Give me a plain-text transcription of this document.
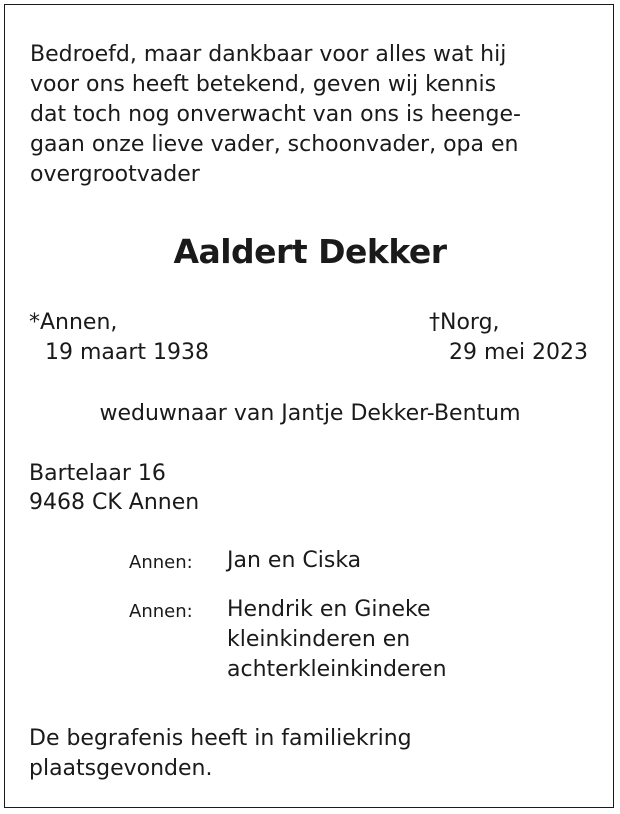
Bedroefd, maar dankbaar voor alles wat hij
voor ons heeft betekend, geven wij kennis
dat toch nog onverwacht van ons is heenge-
gaan onze lieve vader, schoonvader, opa en
overgrootvader
Aaldert Dekker
*Annen,
19 maart 1938
†Norg,
29 mei 2023
weduwnaar van Jantje Dekker-Bentum
Bartelaar 16
9468 CK Annen
Annen: Jan en Ciska
Annen: Hendrik en Gineke
kleinkinderen en
achterkleinkinderen
De begrafenis heeft in familiekring
plaatsgevonden.
